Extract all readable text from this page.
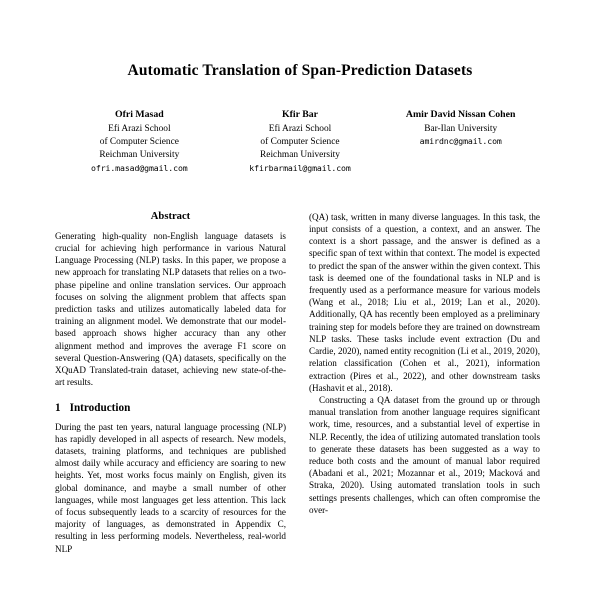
Automatic Translation of Span-Prediction Datasets
Ofri Masad
Efi Arazi School
of Computer Science
Reichman University
ofri.masad@gmail.com
Kfir Bar
Efi Arazi School
of Computer Science
Reichman University
kfirbarmail@gmail.com
Amir David Nissan Cohen
Bar-Ilan University
amirdnc@gmail.com
Abstract

Generating high-quality non-English language datasets is crucial for achieving high performance in various Natural Language Processing (NLP) tasks. In this paper, we propose a new approach for translating NLP datasets that relies on a two-phase pipeline and online translation services. Our approach focuses on solving the alignment problem that affects span prediction tasks and utilizes automatically labeled data for training an alignment model. We demonstrate that our model-based approach shows higher accuracy than any other alignment method and improves the average F1 score on several Question-Answering (QA) datasets, specifically on the XQuAD Translated-train dataset, achieving new state-of-the-art results.

1 Introduction

During the past ten years, natural language processing (NLP) has rapidly developed in all aspects of research. New models, datasets, training platforms, and techniques are published almost daily while accuracy and efficiency are soaring to new heights. Yet, most works focus mainly on English, given its global dominance, and maybe a small number of other languages, while most languages get less attention. This lack of focus subsequently leads to a scarcity of resources for the majority of languages, as demonstrated in Appendix C, resulting in less performing models. Nevertheless, real-world NLP

(QA) task, written in many diverse languages. In this task, the input consists of a question, a context, and an answer. The context is a short passage, and the answer is defined as a specific span of text within that context. The model is expected to predict the span of the answer within the given context. This task is deemed one of the foundational tasks in NLP and is frequently used as a performance measure for various models (Wang et al., 2018; Liu et al., 2019; Lan et al., 2020). Additionally, QA has recently been employed as a preliminary training step for models before they are trained on downstream NLP tasks. These tasks include event extraction (Du and Cardie, 2020), named entity recognition (Li et al., 2019, 2020), relation classification (Cohen et al., 2021), information extraction (Pires et al., 2022), and other downstream tasks (Hashavit et al., 2018).

Constructing a QA dataset from the ground up or through manual translation from another language requires significant work, time, resources, and a substantial level of expertise in NLP. Recently, the idea of utilizing automated translation tools to generate these datasets has been suggested as a way to reduce both costs and the amount of manual labor required (Abadani et al., 2021; Mozannar et al., 2019; Macková and Straka, 2020). Using automated translation tools in such settings presents challenges, which can often compromise the over-
